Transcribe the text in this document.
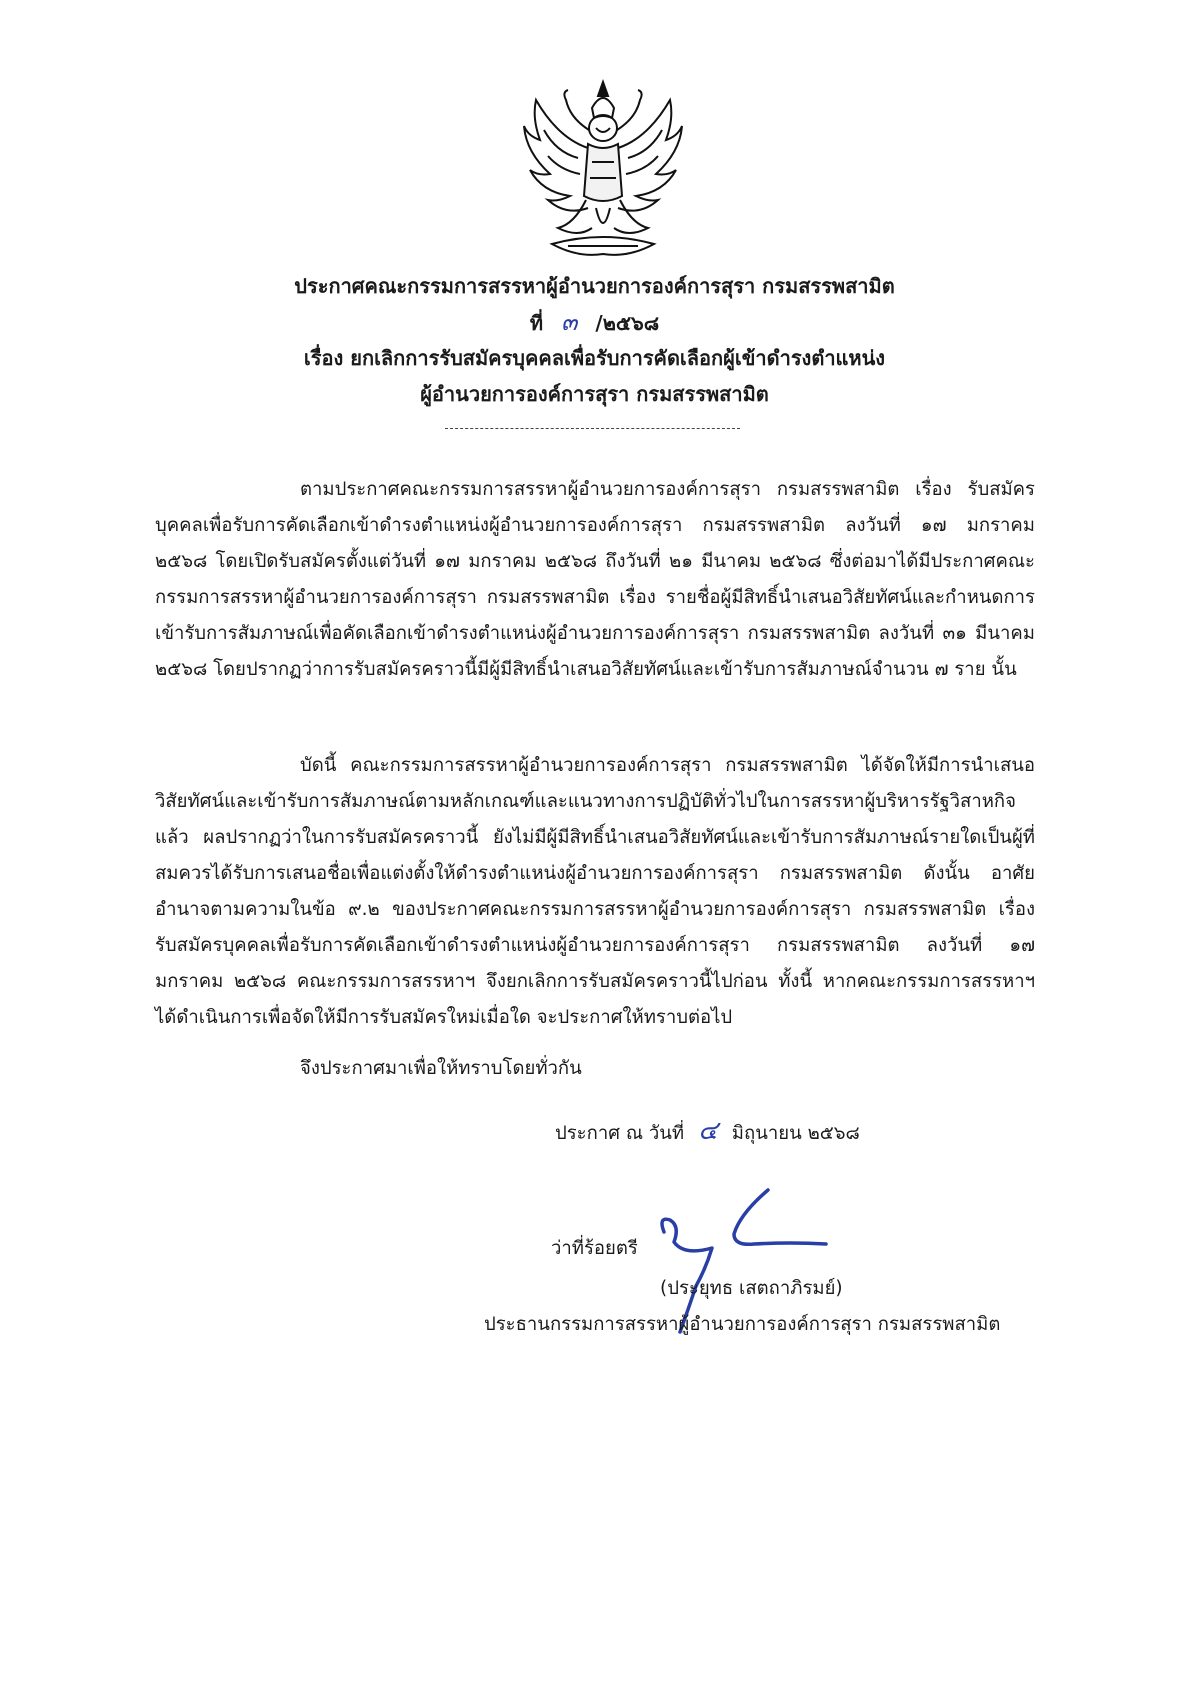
ประกาศคณะกรรมการสรรหาผู้อำนวยการองค์การสุรา กรมสรรพสามิต

ที่ ๓ /๒๕๖๘

เรื่อง ยกเลิกการรับสมัครบุคคลเพื่อรับการคัดเลือกผู้เข้าดำรงตำแหน่ง

ผู้อำนวยการองค์การสุรา กรมสรรพสามิต

ตามประกาศคณะกรรมการสรรหาผู้อำนวยการองค์การสุรา กรมสรรพสามิต เรื่อง รับสมัครบุคคลเพื่อรับการคัดเลือกเข้าดำรงตำแหน่งผู้อำนวยการองค์การสุรา กรมสรรพสามิต ลงวันที่ ๑๗ มกราคม ๒๕๖๘ โดยเปิดรับสมัครตั้งแต่วันที่ ๑๗ มกราคม ๒๕๖๘ ถึงวันที่ ๒๑ มีนาคม ๒๕๖๘ ซึ่งต่อมาได้มีประกาศคณะกรรมการสรรหาผู้อำนวยการองค์การสุรา กรมสรรพสามิต เรื่อง รายชื่อผู้มีสิทธิ์นำเสนอวิสัยทัศน์และกำหนดการเข้ารับการสัมภาษณ์เพื่อคัดเลือกเข้าดำรงตำแหน่งผู้อำนวยการองค์การสุรา กรมสรรพสามิต ลงวันที่ ๓๑ มีนาคม ๒๕๖๘ โดยปรากฏว่าการรับสมัครคราวนี้มีผู้มีสิทธิ์นำเสนอวิสัยทัศน์และเข้ารับการสัมภาษณ์จำนวน ๗ ราย นั้น

บัดนี้ คณะกรรมการสรรหาผู้อำนวยการองค์การสุรา กรมสรรพสามิต ได้จัดให้มีการนำเสนอวิสัยทัศน์และเข้ารับการสัมภาษณ์ตามหลักเกณฑ์และแนวทางการปฏิบัติทั่วไปในการสรรหาผู้บริหารรัฐวิสาหกิจแล้ว ผลปรากฏว่าในการรับสมัครคราวนี้ ยังไม่มีผู้มีสิทธิ์นำเสนอวิสัยทัศน์และเข้ารับการสัมภาษณ์รายใดเป็นผู้ที่สมควรได้รับการเสนอชื่อเพื่อแต่งตั้งให้ดำรงตำแหน่งผู้อำนวยการองค์การสุรา กรมสรรพสามิต ดังนั้น อาศัยอำนาจตามความในข้อ ๙.๒ ของประกาศคณะกรรมการสรรหาผู้อำนวยการองค์การสุรา กรมสรรพสามิต เรื่อง รับสมัครบุคคลเพื่อรับการคัดเลือกเข้าดำรงตำแหน่งผู้อำนวยการองค์การสุรา กรมสรรพสามิต ลงวันที่ ๑๗ มกราคม ๒๕๖๘ คณะกรรมการสรรหาฯ จึงยกเลิกการรับสมัครคราวนี้ไปก่อน ทั้งนี้ หากคณะกรรมการสรรหาฯ ได้ดำเนินการเพื่อจัดให้มีการรับสมัครใหม่เมื่อใด จะประกาศให้ทราบต่อไป

จึงประกาศมาเพื่อให้ทราบโดยทั่วกัน

ประกาศ ณ วันที่ ๔ มิถุนายน ๒๕๖๘

ว่าที่ร้อยตรี

(ประยุทธ เสตถาภิรมย์)

ประธานกรรมการสรรหาผู้อำนวยการองค์การสุรา กรมสรรพสามิต
